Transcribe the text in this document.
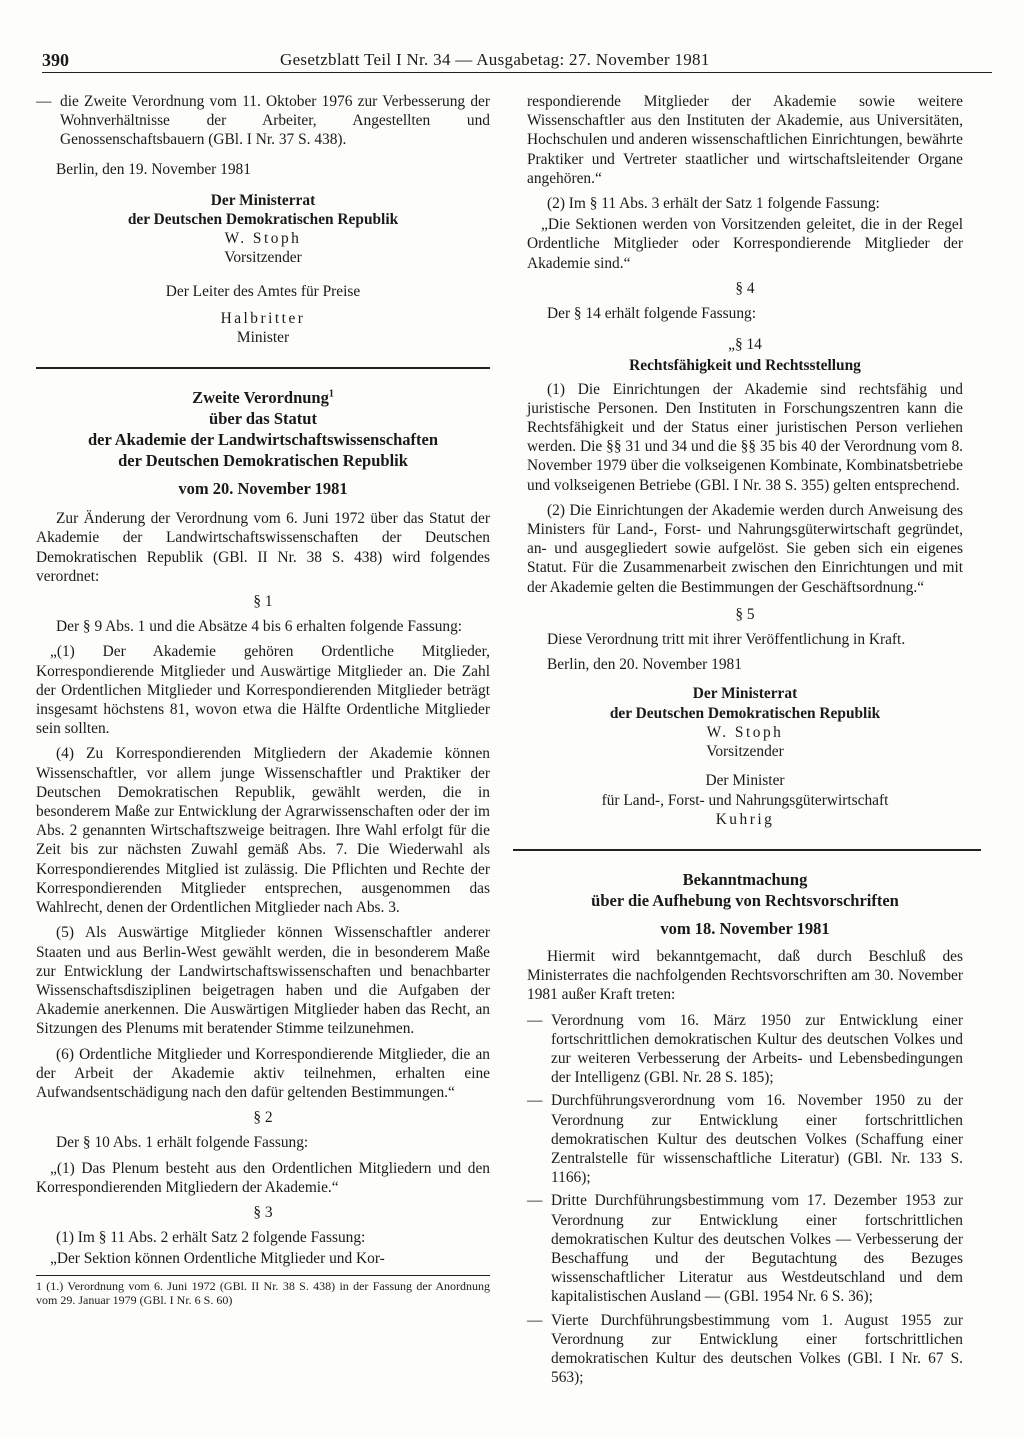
390	Gesetzblatt Teil I Nr. 34 — Ausgabetag: 27. November 1981
— die Zweite Verordnung vom 11. Oktober 1976 zur Verbesserung der Wohnverhältnisse der Arbeiter, Angestellten und Genossenschaftsbauern (GBl. I Nr. 37 S. 438).

Berlin, den 19. November 1981

Der Ministerrat
der Deutschen Demokratischen Republik
W. Stoph
Vorsitzender
Der Leiter des Amtes für Preise
Halbritter
Minister
Zweite Verordnung$^1$
über das Statut
der Akademie der Landwirtschaftswissenschaften
der Deutschen Demokratischen Republik
vom 20. November 1981

Zur Änderung der Verordnung vom 6. Juni 1972 über das Statut der Akademie der Landwirtschaftswissenschaften der Deutschen Demokratischen Republik (GBl. II Nr. 38 S. 438) wird folgendes verordnet:

§ 1

Der § 9 Abs. 1 und die Absätze 4 bis 6 erhalten folgende Fassung:

„(1) Der Akademie gehören Ordentliche Mitglieder, Korrespondierende Mitglieder und Auswärtige Mitglieder an. Die Zahl der Ordentlichen Mitglieder und Korrespondierenden Mitglieder beträgt insgesamt höchstens 81, wovon etwa die Hälfte Ordentliche Mitglieder sein sollten.

(4) Zu Korrespondierenden Mitgliedern der Akademie können Wissenschaftler, vor allem junge Wissenschaftler und Praktiker der Deutschen Demokratischen Republik, gewählt werden, die in besonderem Maße zur Entwicklung der Agrarwissenschaften oder der im Abs. 2 genannten Wirtschaftszweige beitragen. Ihre Wahl erfolgt für die Zeit bis zur nächsten Zuwahl gemäß Abs. 7. Die Wiederwahl als Korrespondierendes Mitglied ist zulässig. Die Pflichten und Rechte der Korrespondierenden Mitglieder entsprechen, ausgenommen das Wahlrecht, denen der Ordentlichen Mitglieder nach Abs. 3.

(5) Als Auswärtige Mitglieder können Wissenschaftler anderer Staaten und aus Berlin-West gewählt werden, die in besonderem Maße zur Entwicklung der Landwirtschaftswissenschaften und benachbarter Wissenschaftsdisziplinen beigetragen haben und die Aufgaben der Akademie anerkennen. Die Auswärtigen Mitglieder haben das Recht, an Sitzungen des Plenums mit beratender Stimme teilzunehmen.

(6) Ordentliche Mitglieder und Korrespondierende Mitglieder, die an der Arbeit der Akademie aktiv teilnehmen, erhalten eine Aufwandsentschädigung nach den dafür geltenden Bestimmungen.“

§ 2

Der § 10 Abs. 1 erhält folgende Fassung:

„(1) Das Plenum besteht aus den Ordentlichen Mitgliedern und den Korrespondierenden Mitgliedern der Akademie.“

§ 3

(1) Im § 11 Abs. 2 erhält Satz 2 folgende Fassung:

„Der Sektion können Ordentliche Mitglieder und Kor-

1 (1.) Verordnung vom 6. Juni 1972 (GBl. II Nr. 38 S. 438) in der Fassung der Anordnung vom 29. Januar 1979 (GBl. I Nr. 6 S. 60)

respondierende Mitglieder der Akademie sowie weitere Wissenschaftler aus den Instituten der Akademie, aus Universitäten, Hochschulen und anderen wissenschaftlichen Einrichtungen, bewährte Praktiker und Vertreter staatlicher und wirtschaftsleitender Organe angehören.“

(2) Im § 11 Abs. 3 erhält der Satz 1 folgende Fassung:

„Die Sektionen werden von Vorsitzenden geleitet, die in der Regel Ordentliche Mitglieder oder Korrespondierende Mitglieder der Akademie sind.“

§ 4

Der § 14 erhält folgende Fassung:

„§ 14
Rechtsfähigkeit und Rechtsstellung

(1) Die Einrichtungen der Akademie sind rechtsfähig und juristische Personen. Den Instituten in Forschungszentren kann die Rechtsfähigkeit und der Status einer juristischen Person verliehen werden. Die §§ 31 und 34 und die §§ 35 bis 40 der Verordnung vom 8. November 1979 über die volkseigenen Kombinate, Kombinatsbetriebe und volkseigenen Betriebe (GBl. I Nr. 38 S. 355) gelten entsprechend.

(2) Die Einrichtungen der Akademie werden durch Anweisung des Ministers für Land-, Forst- und Nahrungsgüterwirtschaft gegründet, an- und ausgegliedert sowie aufgelöst. Sie geben sich ein eigenes Statut. Für die Zusammenarbeit zwischen den Einrichtungen und mit der Akademie gelten die Bestimmungen der Geschäftsordnung.“

§ 5

Diese Verordnung tritt mit ihrer Veröffentlichung in Kraft.

Berlin, den 20. November 1981

Der Ministerrat
der Deutschen Demokratischen Republik
W. Stoph
Vorsitzender
Der Minister
für Land-, Forst- und Nahrungsgüterwirtschaft
Kuhrig
Bekanntmachung
über die Aufhebung von Rechtsvorschriften
vom 18. November 1981

Hiermit wird bekanntgemacht, daß durch Beschluß des Ministerrates die nachfolgenden Rechtsvorschriften am 30. November 1981 außer Kraft treten:

— Verordnung vom 16. März 1950 zur Entwicklung einer fortschrittlichen demokratischen Kultur des deutschen Volkes und zur weiteren Verbesserung der Arbeits- und Lebensbedingungen der Intelligenz (GBl. Nr. 28 S. 185);
— Durchführungsverordnung vom 16. November 1950 zu der Verordnung zur Entwicklung einer fortschrittlichen demokratischen Kultur des deutschen Volkes (Schaffung einer Zentralstelle für wissenschaftliche Literatur) (GBl. Nr. 133 S. 1166);
— Dritte Durchführungsbestimmung vom 17. Dezember 1953 zur Verordnung zur Entwicklung einer fortschrittlichen demokratischen Kultur des deutschen Volkes — Verbesserung der Beschaffung und der Begutachtung des Bezuges wissenschaftlicher Literatur aus Westdeutschland und dem kapitalistischen Ausland — (GBl. 1954 Nr. 6 S. 36);
— Vierte Durchführungsbestimmung vom 1. August 1955 zur Verordnung zur Entwicklung einer fortschrittlichen demokratischen Kultur des deutschen Volkes (GBl. I Nr. 67 S. 563);
